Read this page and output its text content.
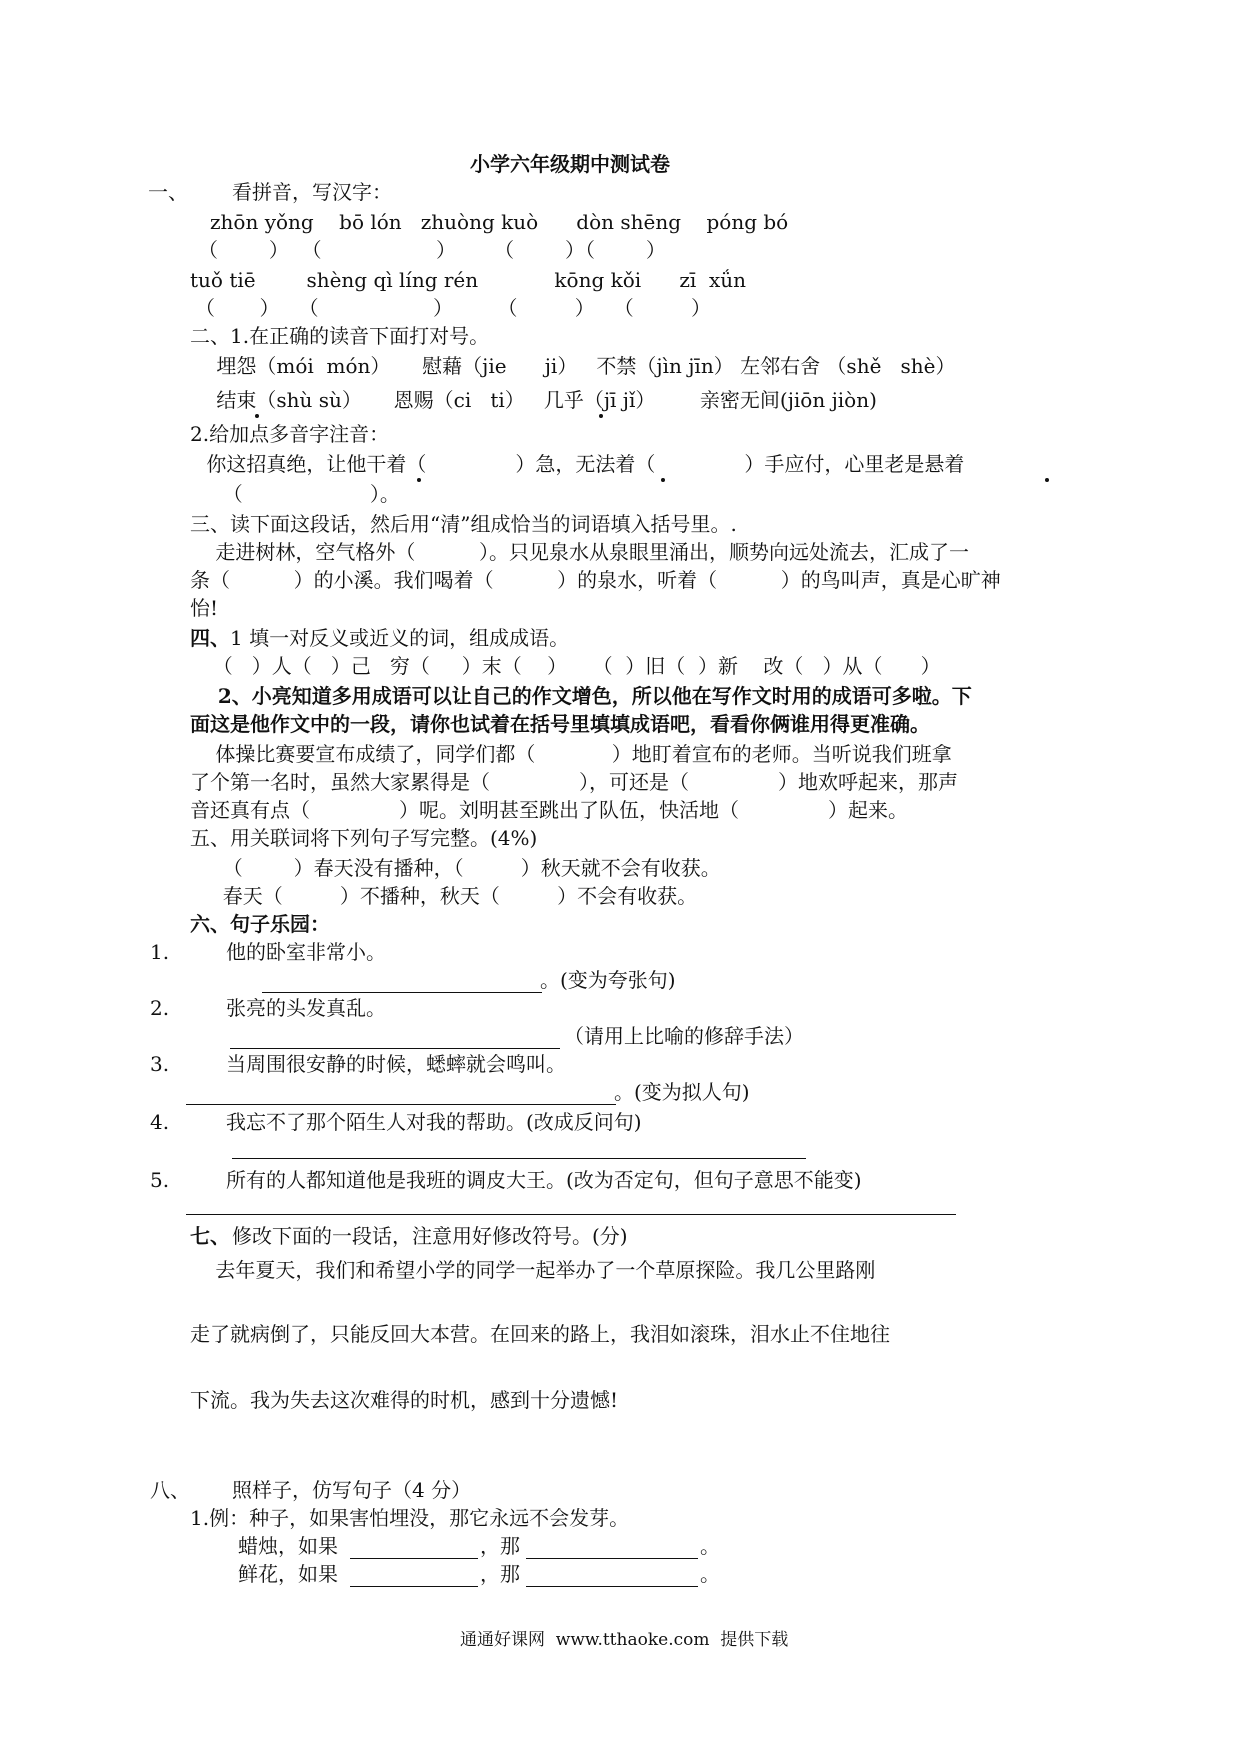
小学六年级期中测试卷
一、 看拼音，写汉字：
zhōn yǒng    bō lón   zhuòng kuò      dòn shēng    póng bó
（        ）  （                  ）      （        ）（        ）
tuǒ tiē        shèng qì líng rén            kōng kǒi      zī  xǘn
（       ）   （                  ）       （         ）   （         ）
二、1.在正确的读音下面打对号。
埋怨（mói  món）     慰藉（jie      ji）   不禁（jìn jīn） 左邻右舍 （shě   shè）
结束（shù sù）     恩赐（ci   ti）   几乎（jī jǐ）       亲密无间(jiōn jiòn)
2.给加点多音字注音：
你这招真绝，让他干着（              ）急，无法着（              ）手应付，心里老是悬着
（                    ）。
三、读下面这段话，然后用“清”组成恰当的词语填入括号里。.
走进树林，空气格外（          ）。只见泉水从泉眼里涌出，顺势向远处流去，汇成了一
条（          ）的小溪。我们喝着（          ）的泉水，听着（          ）的鸟叫声，真是心旷神
怡!
四、 1 填一对反义或近义的词，组成成语。
（   ）人（   ）己   穷（     ）末（    ）    （  ）旧（  ）新    改（   ）从（      ）
2、小亮知道多用成语可以让自己的作文增色，所以他在写作文时用的成语可多啦。下
面这是他作文中的一段，请你也试着在括号里填填成语吧，看看你俩谁用得更准确。
体操比赛要宣布成绩了，同学们都（            ）地盯着宣布的老师。当听说我们班拿
了个第一名时，虽然大家累得是（              ），可还是（              ）地欢呼起来，那声
音还真有点（              ）呢。刘明甚至跳出了队伍，快活地（              ）起来。
五、用关联词将下列句子写完整。(4%)
（        ）春天没有播种，（         ）秋天就不会有收获。
春天（         ）不播种，秋天（         ）不会有收获。
六、句子乐园：
1.	他的卧室非常小。
。(变为夸张句)
2.	张亮的头发真乱。
（请用上比喻的修辞手法）
3.	当周围很安静的时候，蟋蟀就会鸣叫。
。(变为拟人句)
4.	我忘不了那个陌生人对我的帮助。(改成反问句)
5.	所有的人都知道他是我班的调皮大王。(改为否定句，但句子意思不能变)
七、 修改下面的一段话，注意用好修改符号。(分)
去年夏天，我们和希望小学的同学一起举办了一个草原探险。我几公里路刚
走了就病倒了，只能反回大本营。在回来的路上，我泪如滚珠，泪水止不住地往
下流。我为失去这次难得的时机，感到十分遗憾!
八、 照样子，仿写句子（4 分）
1.例：种子，如果害怕埋没，那它永远不会发芽。
蜡烛，如果	，那	。
鲜花，如果	，那	。
通通好课网  www.tthaoke.com  提供下载
